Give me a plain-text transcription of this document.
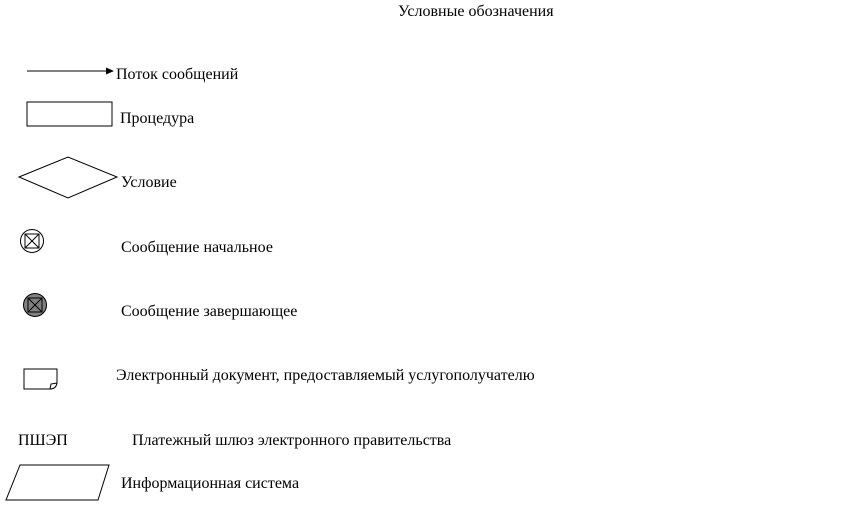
Условные обозначения
Поток сообщений
Процедура
Условие
Сообщение начальное
Сообщение завершающее
Электронный документ, предоставляемый услугополучателю
ПШЭП	Платежный шлюз электронного правительства
Информационная система
